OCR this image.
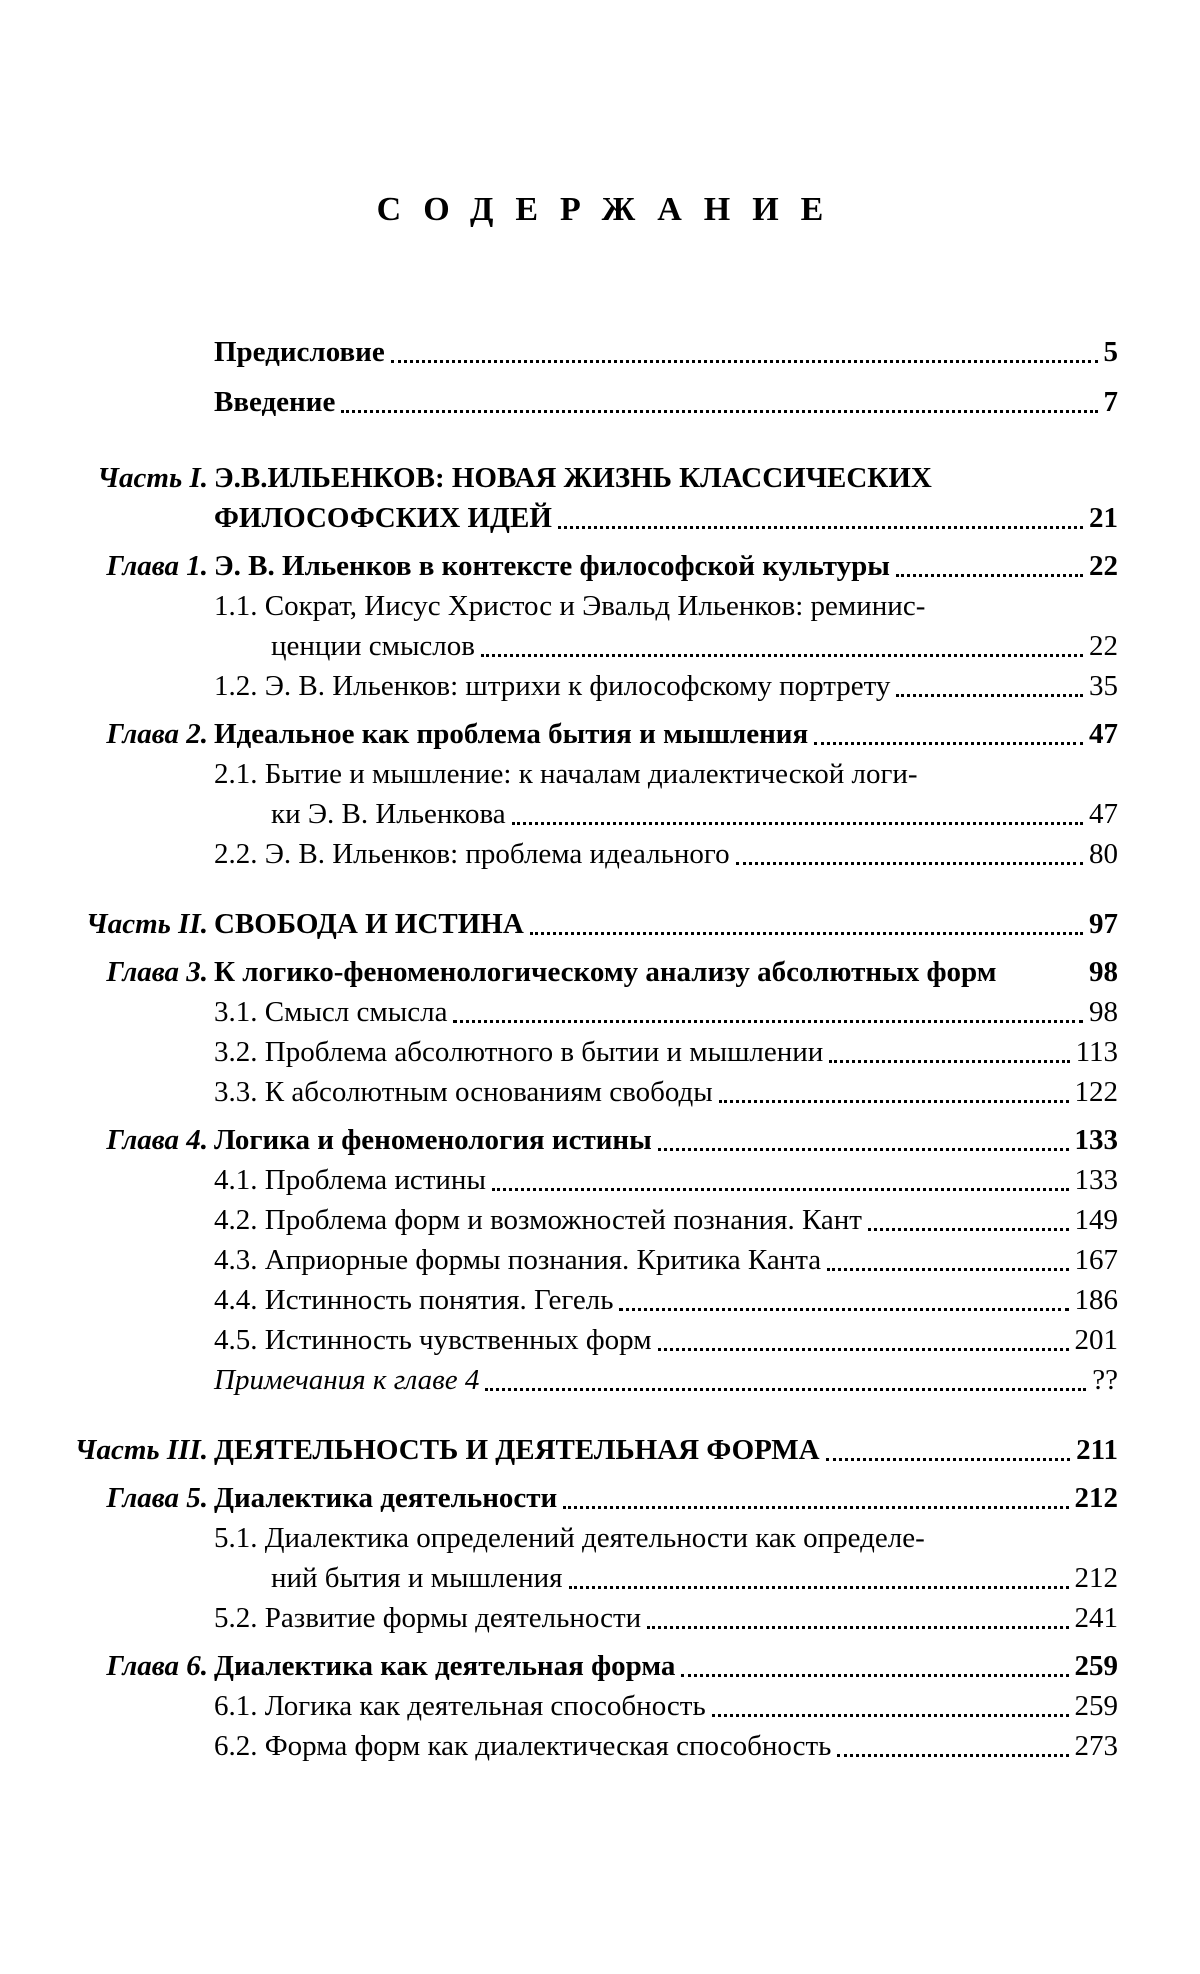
СОДЕРЖАНИЕ
Предисловие	5
Введение	7
Часть I. Э.В.ИЛЬЕНКОВ: НОВАЯ ЖИЗНЬ КЛАССИЧЕСКИХ
ФИЛОСОФСКИХ ИДЕЙ	21
Глава 1. Э. В. Ильенков в контексте философской культуры	22
1.1. Сократ, Иисус Христос и Эвальд Ильенков: реминис-
ценции смыслов	22
1.2. Э. В. Ильенков: штрихи к философскому портрету	35
Глава 2. Идеальное как проблема бытия и мышления	47
2.1. Бытие и мышление: к началам диалектической логи-
ки Э. В. Ильенкова	47
2.2. Э. В. Ильенков: проблема идеального	80
Часть II. СВОБОДА И ИСТИНА	97
Глава 3. К логико-феноменологическому анализу абсолютных форм	98
3.1. Смысл смысла	98
3.2. Проблема абсолютного в бытии и мышлении	113
3.3. К абсолютным основаниям свободы	122
Глава 4. Логика и феноменология истины	133
4.1. Проблема истины	133
4.2. Проблема форм и возможностей познания. Кант	149
4.3. Априорные формы познания. Критика Канта	167
4.4. Истинность понятия. Гегель	186
4.5. Истинность чувственных форм	201
Примечания к главе 4	??
Часть III. ДЕЯТЕЛЬНОСТЬ И ДЕЯТЕЛЬНАЯ ФОРМА	211
Глава 5. Диалектика деятельности	212
5.1. Диалектика определений деятельности как определе-
ний бытия и мышления	212
5.2. Развитие формы деятельности	241
Глава 6. Диалектика как деятельная форма	259
6.1. Логика как деятельная способность	259
6.2. Форма форм как диалектическая способность	273
